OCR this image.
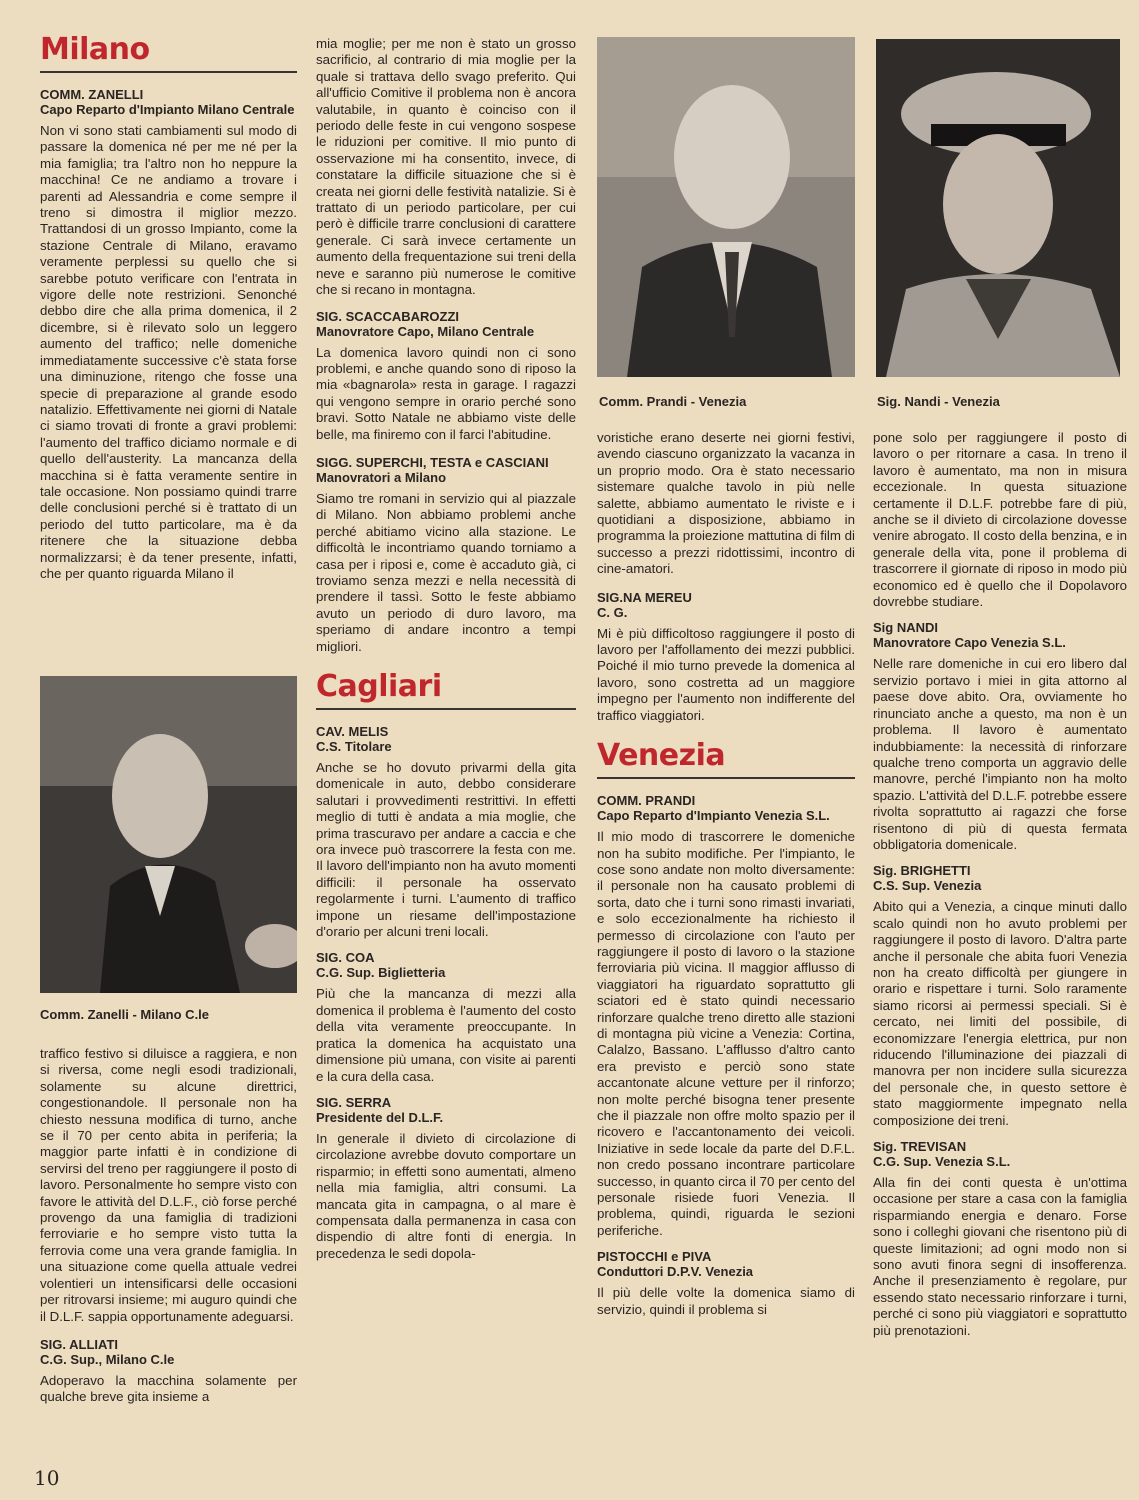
Milano
COMM. ZANELLI
Capo Reparto d'Impianto Milano Centrale

Non vi sono stati cambiamenti sul modo di passare la domenica né per me né per la mia famiglia; tra l'altro non ho neppure la macchina! Ce ne andiamo a trovare i parenti ad Alessandria e come sempre il treno si dimostra il miglior mezzo. Trattandosi di un grosso Impianto, come la stazione Centrale di Milano, eravamo veramente perplessi su quello che si sarebbe potuto verificare con l'entrata in vigore delle note restrizioni. Senonché debbo dire che alla prima domenica, il 2 dicembre, si è rilevato solo un leggero aumento del traffico; nelle domeniche immediatamente successive c'è stata forse una diminuzione, ritengo che fosse una specie di preparazione al grande esodo natalizio. Effettivamente nei giorni di Natale ci siamo trovati di fronte a gravi problemi: l'aumento del traffico diciamo normale e di quello dell'austerity. La mancanza della macchina si è fatta veramente sentire in tale occasione. Non possiamo quindi trarre delle conclusioni perché si è trattato di un periodo del tutto particolare, ma è da ritenere che la situazione debba normalizzarsi; è da tener presente, infatti, che per quanto riguarda Milano il

Comm. Zanelli - Milano C.le

traffico festivo si diluisce a raggiera, e non si riversa, come negli esodi tradizionali, solamente su alcune direttrici, congestionandole. Il personale non ha chiesto nessuna modifica di turno, anche se il 70 per cento abita in periferia; la maggior parte infatti è in condizione di servirsi del treno per raggiungere il posto di lavoro. Personalmente ho sempre visto con favore le attività del D.L.F., ciò forse perché provengo da una famiglia di tradizioni ferroviarie e ho sempre visto tutta la ferrovia come una vera grande famiglia. In una situazione come quella attuale vedrei volentieri un intensificarsi delle occasioni per ritrovarsi insieme; mi auguro quindi che il D.L.F. sappia opportunamente adeguarsi.

SIG. ALLIATI
C.G. Sup., Milano C.le

Adoperavo la macchina solamente per qualche breve gita insieme a

mia moglie; per me non è stato un grosso sacrificio, al contrario di mia moglie per la quale si trattava dello svago preferito. Qui all'ufficio Comitive il problema non è ancora valutabile, in quanto è coinciso con il periodo delle feste in cui vengono sospese le riduzioni per comitive. Il mio punto di osservazione mi ha consentito, invece, di constatare la difficile situazione che si è creata nei giorni delle festività natalizie. Si è trattato di un periodo particolare, per cui però è difficile trarre conclusioni di carattere generale. Ci sarà invece certamente un aumento della frequentazione sui treni della neve e saranno più numerose le comitive che si recano in montagna.

SIG. SCACCABAROZZI
Manovratore Capo, Milano Centrale

La domenica lavoro quindi non ci sono problemi, e anche quando sono di riposo la mia «bagnarola» resta in garage. I ragazzi qui vengono sempre in orario perché sono bravi. Sotto Natale ne abbiamo viste delle belle, ma finiremo con il farci l'abitudine.

SIGG. SUPERCHI, TESTA e CASCIANI
Manovratori a Milano

Siamo tre romani in servizio qui al piazzale di Milano. Non abbiamo problemi anche perché abitiamo vicino alla stazione. Le difficoltà le incontriamo quando torniamo a casa per i riposi e, come è accaduto già, ci troviamo senza mezzi e nella necessità di prendere il tassì. Sotto le feste abbiamo avuto un periodo di duro lavoro, ma speriamo di andare incontro a tempi migliori.

Cagliari
CAV. MELIS
C.S. Titolare

Anche se ho dovuto privarmi della gita domenicale in auto, debbo considerare salutari i provvedimenti restrittivi. In effetti meglio di tutti è andata a mia moglie, che prima trascuravo per andare a caccia e che ora invece può trascorrere la festa con me. Il lavoro dell'impianto non ha avuto momenti difficili: il personale ha osservato regolarmente i turni. L'aumento di traffico impone un riesame dell'impostazione d'orario per alcuni treni locali.

SIG. COA
C.G. Sup. Biglietteria

Più che la mancanza di mezzi alla domenica il problema è l'aumento del costo della vita veramente preoccupante. In pratica la domenica ha acquistato una dimensione più umana, con visite ai parenti e la cura della casa.

SIG. SERRA
Presidente del D.L.F.

In generale il divieto di circolazione di circolazione avrebbe dovuto comportare un risparmio; in effetti sono aumentati, almeno nella mia famiglia, altri consumi. La mancata gita in campagna, o al mare è compensata dalla permanenza in casa con dispendio di altre fonti di energia. In precedenza le sedi dopola-

Comm. Prandi - Venezia	Sig. Nandi - Venezia

voristiche erano deserte nei giorni festivi, avendo ciascuno organizzato la vacanza in un proprio modo. Ora è stato necessario sistemare qualche tavolo in più nelle salette, abbiamo aumentato le riviste e i quotidiani a disposizione, abbiamo in programma la proiezione mattutina di film di successo a prezzi ridottissimi, incontro di cine-amatori.

SIG.NA MEREU
C. G.

Mi è più difficoltoso raggiungere il posto di lavoro per l'affollamento dei mezzi pubblici. Poiché il mio turno prevede la domenica al lavoro, sono costretta ad un maggiore impegno per l'aumento non indifferente del traffico viaggiatori.

Venezia
COMM. PRANDI
Capo Reparto d'Impianto Venezia S.L.

Il mio modo di trascorrere le domeniche non ha subito modifiche. Per l'impianto, le cose sono andate non molto diversamente: il personale non ha causato problemi di sorta, dato che i turni sono rimasti invariati, e solo eccezionalmente ha richiesto il permesso di circolazione con l'auto per raggiungere il posto di lavoro o la stazione ferroviaria più vicina. Il maggior afflusso di viaggiatori ha riguardato soprattutto gli sciatori ed è stato quindi necessario rinforzare qualche treno diretto alle stazioni di montagna più vicine a Venezia: Cortina, Calalzo, Bassano. L'afflusso d'altro canto era previsto e perciò sono state accantonate alcune vetture per il rinforzo; non molte perché bisogna tener presente che il piazzale non offre molto spazio per il ricovero e l'accantonamento dei veicoli. Iniziative in sede locale da parte del D.F.L. non credo possano incontrare particolare successo, in quanto circa il 70 per cento del personale risiede fuori Venezia. Il problema, quindi, riguarda le sezioni periferiche.

PISTOCCHI e PIVA
Conduttori D.P.V. Venezia

Il più delle volte la domenica siamo di servizio, quindi il problema si

pone solo per raggiungere il posto di lavoro o per ritornare a casa. In treno il lavoro è aumentato, ma non in misura eccezionale. In questa situazione certamente il D.L.F. potrebbe fare di più, anche se il divieto di circolazione dovesse venire abrogato. Il costo della benzina, e in generale della vita, pone il problema di trascorrere il giornate di riposo in modo più economico ed è quello che il Dopolavoro dovrebbe studiare.

Sig NANDI
Manovratore Capo Venezia S.L.

Nelle rare domeniche in cui ero libero dal servizio portavo i miei in gita attorno al paese dove abito. Ora, ovviamente ho rinunciato anche a questo, ma non è un problema. Il lavoro è aumentato indubbiamente: la necessità di rinforzare qualche treno comporta un aggravio delle manovre, perché l'impianto non ha molto spazio. L'attività del D.L.F. potrebbe essere rivolta soprattutto ai ragazzi che forse risentono di più di questa fermata obbligatoria domenicale.

Sig. BRIGHETTI
C.S. Sup. Venezia

Abito qui a Venezia, a cinque minuti dallo scalo quindi non ho avuto problemi per raggiungere il posto di lavoro. D'altra parte anche il personale che abita fuori Venezia non ha creato difficoltà per giungere in orario e rispettare i turni. Solo raramente siamo ricorsi ai permessi speciali. Si è cercato, nei limiti del possibile, di economizzare l'energia elettrica, pur non riducendo l'illuminazione dei piazzali di manovra per non incidere sulla sicurezza del personale che, in questo settore è stato maggiormente impegnato nella composizione dei treni.

Sig. TREVISAN
C.G. Sup. Venezia S.L.

Alla fin dei conti questa è un'ottima occasione per stare a casa con la famiglia risparmiando energia e denaro. Forse sono i colleghi giovani che risentono più di queste limitazioni; ad ogni modo non si sono avuti finora segni di insofferenza. Anche il presenziamento è regolare, pur essendo stato necessario rinforzare i turni, perché ci sono più viaggiatori e soprattutto più prenotazioni.

10
